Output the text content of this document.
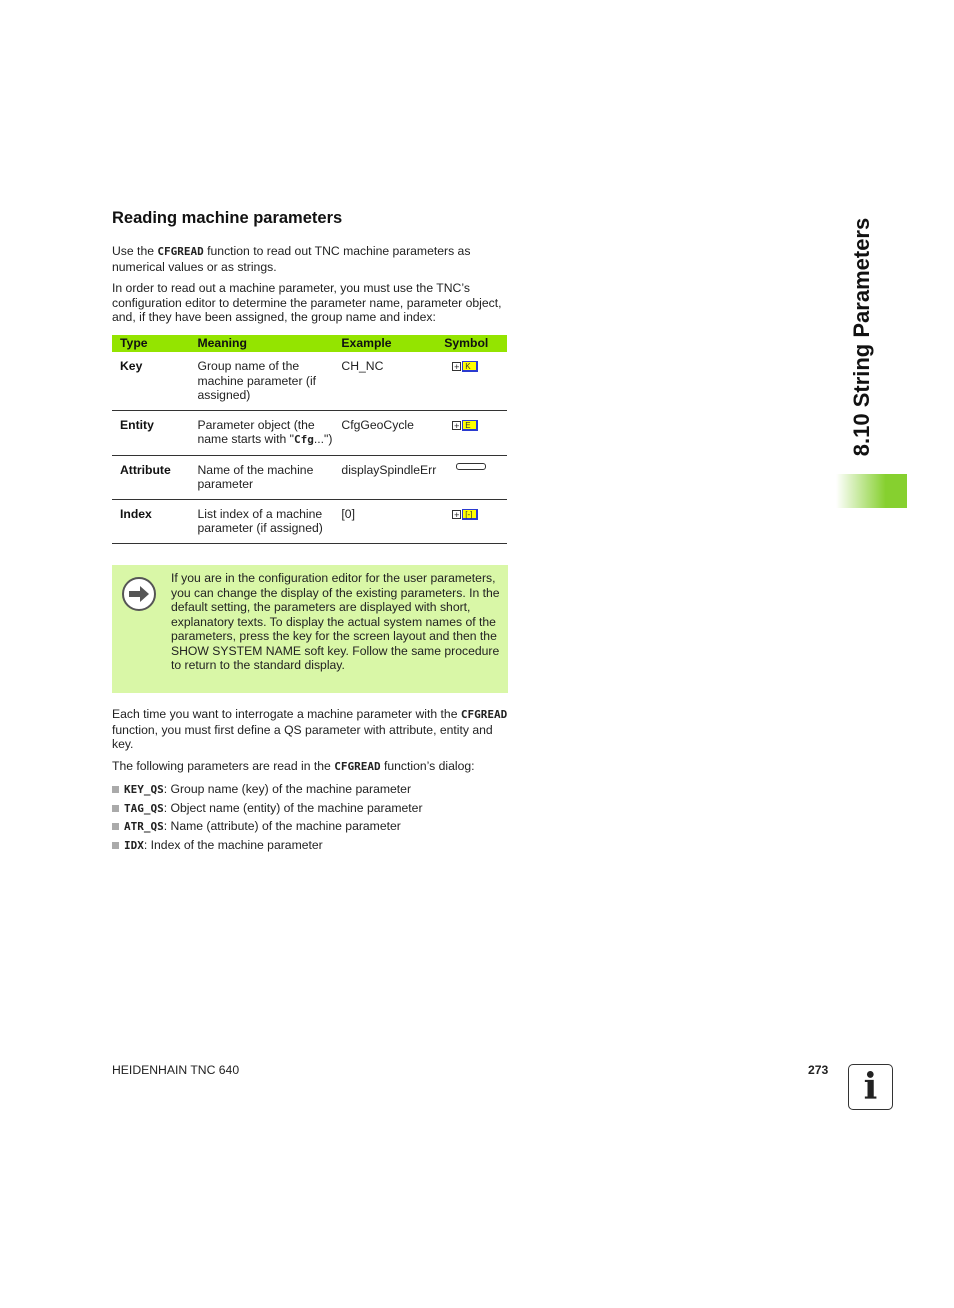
Reading machine parameters

Use the CFGREAD function to read out TNC machine parameters as numerical values or as strings.

In order to read out a machine parameter, you must use the TNC’s configuration editor to determine the parameter name, parameter object, and, if they have been assigned, the group name and index:

Type	Meaning	Example	Symbol
Key	Group name of the machine parameter (if assigned)	CH_NC	+ K

Entity	Parameter object (the name starts with "Cfg...")	CfgGeoCycle	+ E

Attribute	Name of the machine parameter	displaySpindleErr	

Index	List index of a machine parameter (if assigned)	[0]	+ [-]

If you are in the configuration editor for the user parameters, you can change the display of the existing parameters. In the default setting, the parameters are displayed with short, explanatory texts. To display the actual system names of the parameters, press the key for the screen layout and then the SHOW SYSTEM NAME soft key. Follow the same procedure to return to the standard display.

Each time you want to interrogate a machine parameter with the CFGREAD function, you must first define a QS parameter with attribute, entity and key.

The following parameters are read in the CFGREAD function’s dialog:

KEY_QS: Group name (key) of the machine parameter
TAG_QS: Object name (entity) of the machine parameter
ATR_QS: Name (attribute) of the machine parameter
IDX: Index of the machine parameter
8.10 String Parameters
HEIDENHAIN TNC 640	273 i
